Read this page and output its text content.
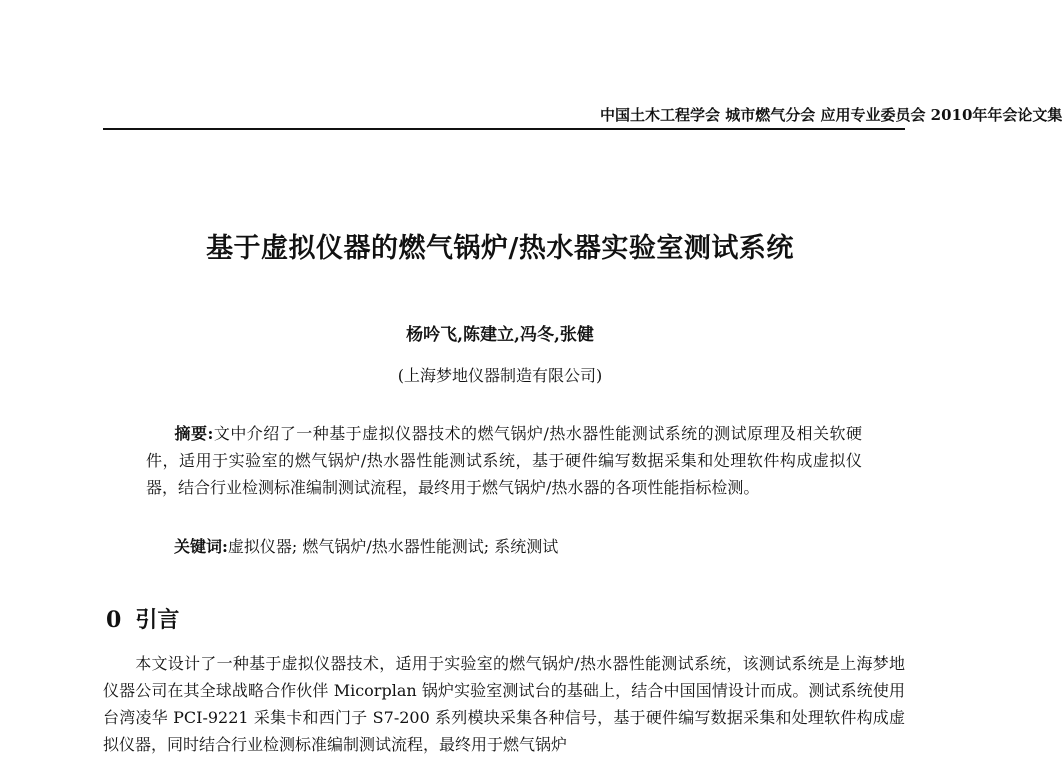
中国土木工程学会 城市燃气分会 应用专业委员会 2010年年会论文集
基于虚拟仪器的燃气锅炉/热水器实验室测试系统
杨吟飞,陈建立,冯冬,张健
(上海梦地仪器制造有限公司)
摘要:文中介绍了一种基于虚拟仪器技术的燃气锅炉/热水器性能测试系统的测试原理及相关软硬件，适用于实验室的燃气锅炉/热水器性能测试系统，基于硬件编写数据采集和处理软件构成虚拟仪器，结合行业检测标准编制测试流程，最终用于燃气锅炉/热水器的各项性能指标检测。
关键词:虚拟仪器; 燃气锅炉/热水器性能测试; 系统测试
0 引言
本文设计了一种基于虚拟仪器技术，适用于实验室的燃气锅炉/热水器性能测试系统，该测试系统是上海梦地仪器公司在其全球战略合作伙伴 Micorplan 锅炉实验室测试台的基础上，结合中国国情设计而成。测试系统使用台湾凌华 PCI-9221 采集卡和西门子 S7-200 系列模块采集各种信号，基于硬件编写数据采集和处理软件构成虚拟仪器，同时结合行业检测标准编制测试流程，最终用于燃气锅炉
